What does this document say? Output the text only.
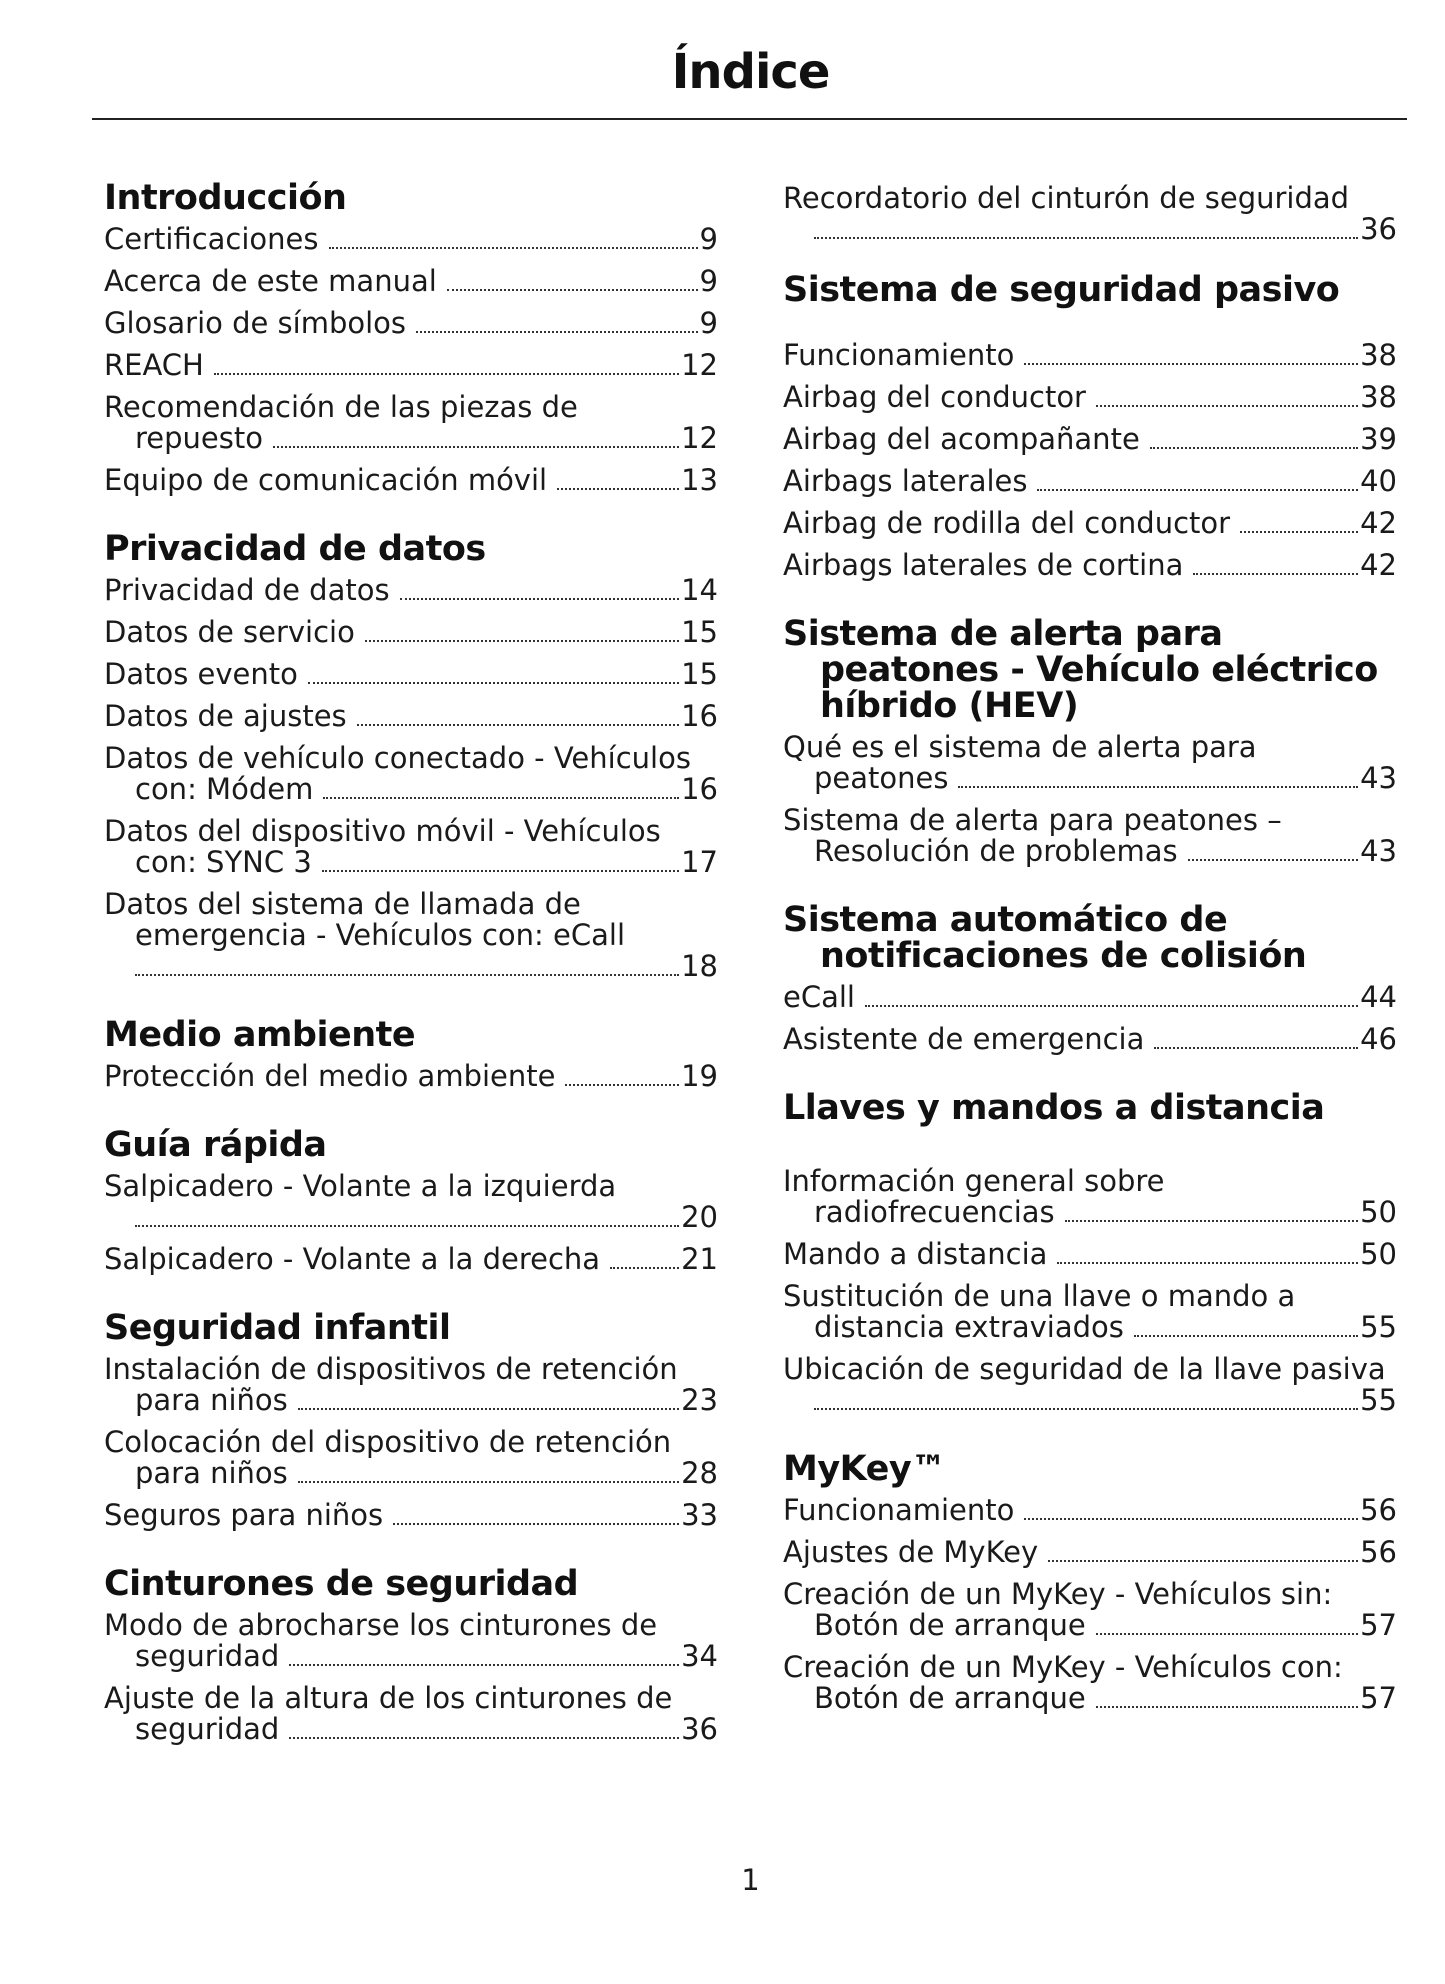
Índice
Introducción
Certificaciones	9
Acerca de este manual	9
Glosario de símbolos	9
REACH	12
Recomendación de las piezas de
repuesto	12
Equipo de comunicación móvil	13
Privacidad de datos
Privacidad de datos	14
Datos de servicio	15
Datos evento	15
Datos de ajustes	16
Datos de vehículo conectado - Vehículos
con: Módem	16
Datos del dispositivo móvil - Vehículos
con: SYNC 3	17
Datos del sistema de llamada de
emergencia - Vehículos con: eCall
18
Medio ambiente
Protección del medio ambiente	19
Guía rápida
Salpicadero - Volante a la izquierda
20
Salpicadero - Volante a la derecha	21
Seguridad infantil
Instalación de dispositivos de retención
para niños	23
Colocación del dispositivo de retención
para niños	28
Seguros para niños	33
Cinturones de seguridad
Modo de abrocharse los cinturones de
seguridad	34
Ajuste de la altura de los cinturones de
seguridad	36
Recordatorio del cinturón de seguridad
36
Sistema de seguridad pasivo
Funcionamiento	38
Airbag del conductor	38
Airbag del acompañante	39
Airbags laterales	40
Airbag de rodilla del conductor	42
Airbags laterales de cortina	42
Sistema de alerta para peatones - Vehículo eléctrico híbrido (HEV)
Qué es el sistema de alerta para
peatones	43
Sistema de alerta para peatones –
Resolución de problemas	43
Sistema automático de notificaciones de colisión
eCall	44
Asistente de emergencia	46
Llaves y mandos a distancia
Información general sobre
radiofrecuencias	50
Mando a distancia	50
Sustitución de una llave o mando a
distancia extraviados	55
Ubicación de seguridad de la llave pasiva
55
MyKey™
Funcionamiento	56
Ajustes de MyKey	56
Creación de un MyKey - Vehículos sin:
Botón de arranque	57
Creación de un MyKey - Vehículos con:
Botón de arranque	57
1
